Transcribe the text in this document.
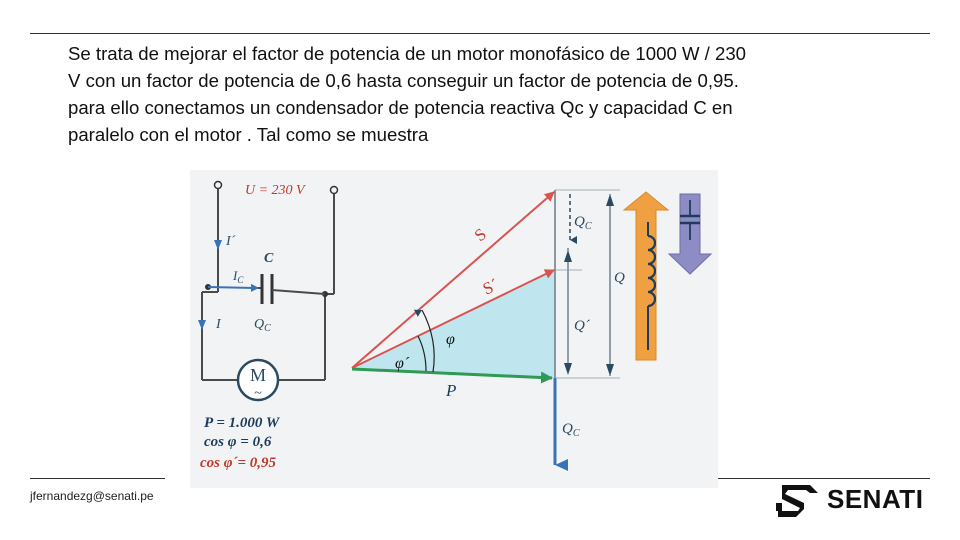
Se trata de mejorar el factor de potencia de un motor monofásico de 1000 W / 230
V con un factor de potencia de 0,6 hasta conseguir un factor de potencia de 0,95.
para ello conectamos un condensador de potencia reactiva Qc y capacidad C en
paralelo con el motor . Tal como se muestra
U = 230 V
I´
I
$I_C$
C
$Q_C$
M
~
P = 1.000 W
cos φ = 0,6
cos φ´= 0,95
S
S´
P
φ
φ´
$Q_C$
Q´
Q
$Q_C$
jfernandezg@senati.pe	SENATI
